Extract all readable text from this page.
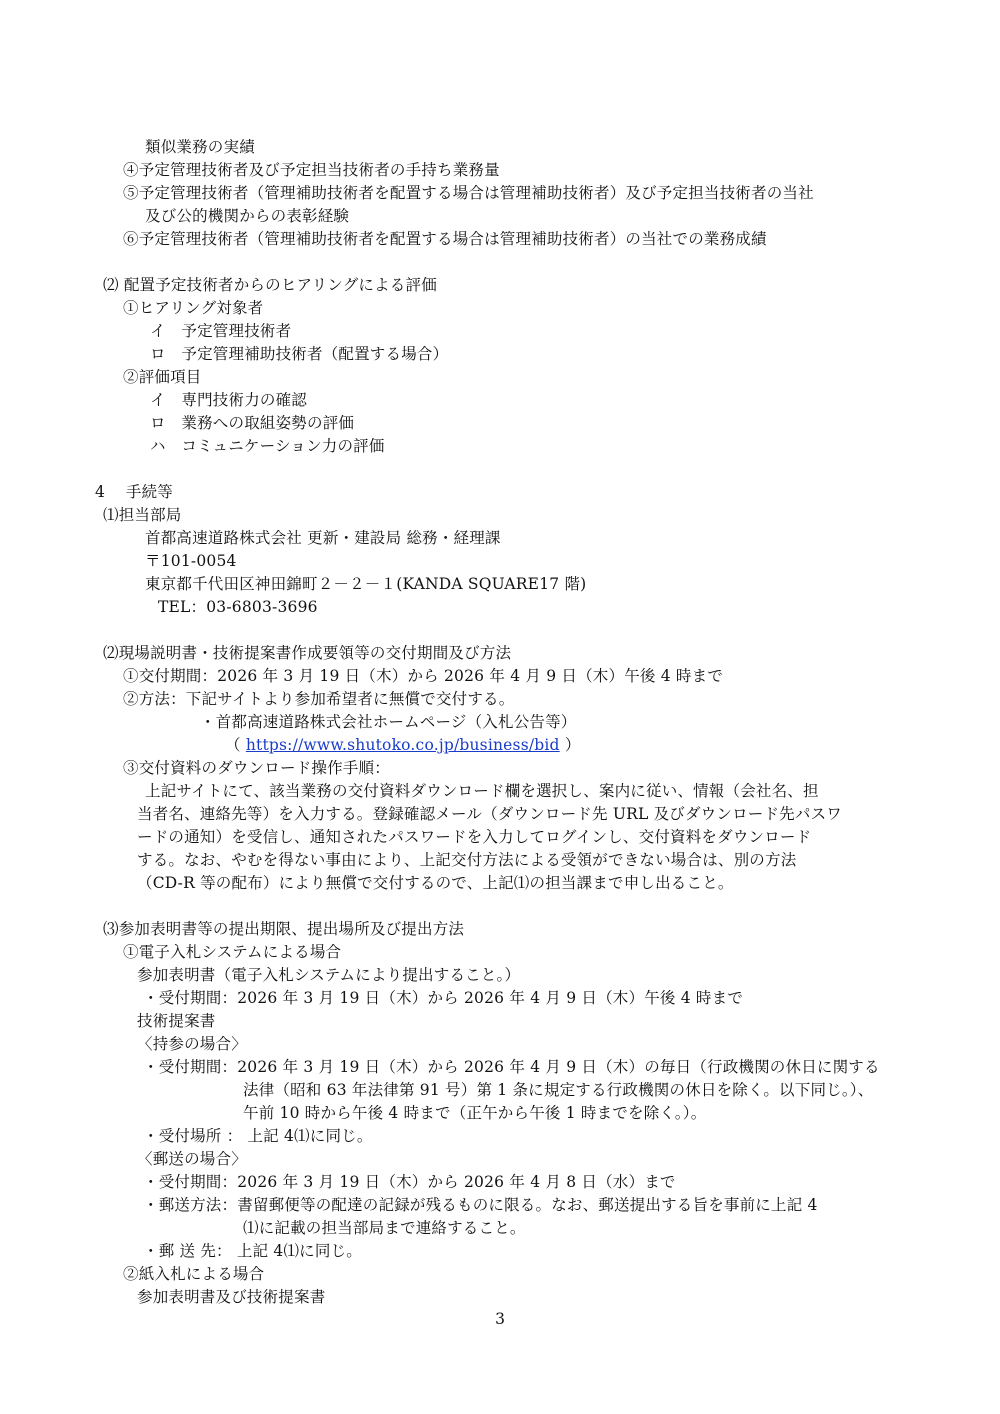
類似業務の実績
④予定管理技術者及び予定担当技術者の手持ち業務量
⑤予定管理技術者（管理補助技術者を配置する場合は管理補助技術者）及び予定担当技術者の当社
及び公的機関からの表彰経験
⑥予定管理技術者（管理補助技術者を配置する場合は管理補助技術者）の当社での業務成績
⑵ 配置予定技術者からのヒアリングによる評価
①ヒアリング対象者
イ　予定管理技術者
ロ　予定管理補助技術者（配置する場合）
②評価項目
イ　専門技術力の確認
ロ　業務への取組姿勢の評価
ハ　コミュニケーション力の評価
4　 手続等
⑴担当部局
首都高速道路株式会社 更新・建設局 総務・経理課
〒101-0054
東京都千代田区神田錦町２－２－１(KANDA SQUARE17 階)
TEL：03-6803-3696
⑵現場説明書・技術提案書作成要領等の交付期間及び方法
①交付期間：2026 年 3 月 19 日（木）から 2026 年 4 月 9 日（木）午後 4 時まで
②方法：下記サイトより参加希望者に無償で交付する。
・首都高速道路株式会社ホームページ（入札公告等）
（ https://www.shutoko.co.jp/business/bid ）
③交付資料のダウンロード操作手順：
上記サイトにて、該当業務の交付資料ダウンロード欄を選択し、案内に従い、情報（会社名、担
当者名、連絡先等）を入力する。登録確認メール（ダウンロード先 URL 及びダウンロード先パスワ
ードの通知）を受信し、通知されたパスワードを入力してログインし、交付資料をダウンロード
する。なお、やむを得ない事由により、上記交付方法による受領ができない場合は、別の方法
（CD-R 等の配布）により無償で交付するので、上記⑴の担当課まで申し出ること。
⑶参加表明書等の提出期限、提出場所及び提出方法
①電子入札システムによる場合
参加表明書（電子入札システムにより提出すること。）
・受付期間：2026 年 3 月 19 日（木）から 2026 年 4 月 9 日（木）午後 4 時まで
技術提案書
〈持参の場合〉
・受付期間：2026 年 3 月 19 日（木）から 2026 年 4 月 9 日（木）の毎日（行政機関の休日に関する
法律（昭和 63 年法律第 91 号）第 1 条に規定する行政機関の休日を除く。以下同じ。）、
午前 10 時から午後 4 時まで（正午から午後 1 時までを除く。）。
・受付場所 ： 上記 4⑴に同じ。
〈郵送の場合〉
・受付期間：2026 年 3 月 19 日（木）から 2026 年 4 月 8 日（水）まで
・郵送方法：書留郵便等の配達の記録が残るものに限る。なお、郵送提出する旨を事前に上記 4
⑴に記載の担当部局まで連絡すること。
・郵 送 先： 上記 4⑴に同じ。
②紙入札による場合
参加表明書及び技術提案書
3
